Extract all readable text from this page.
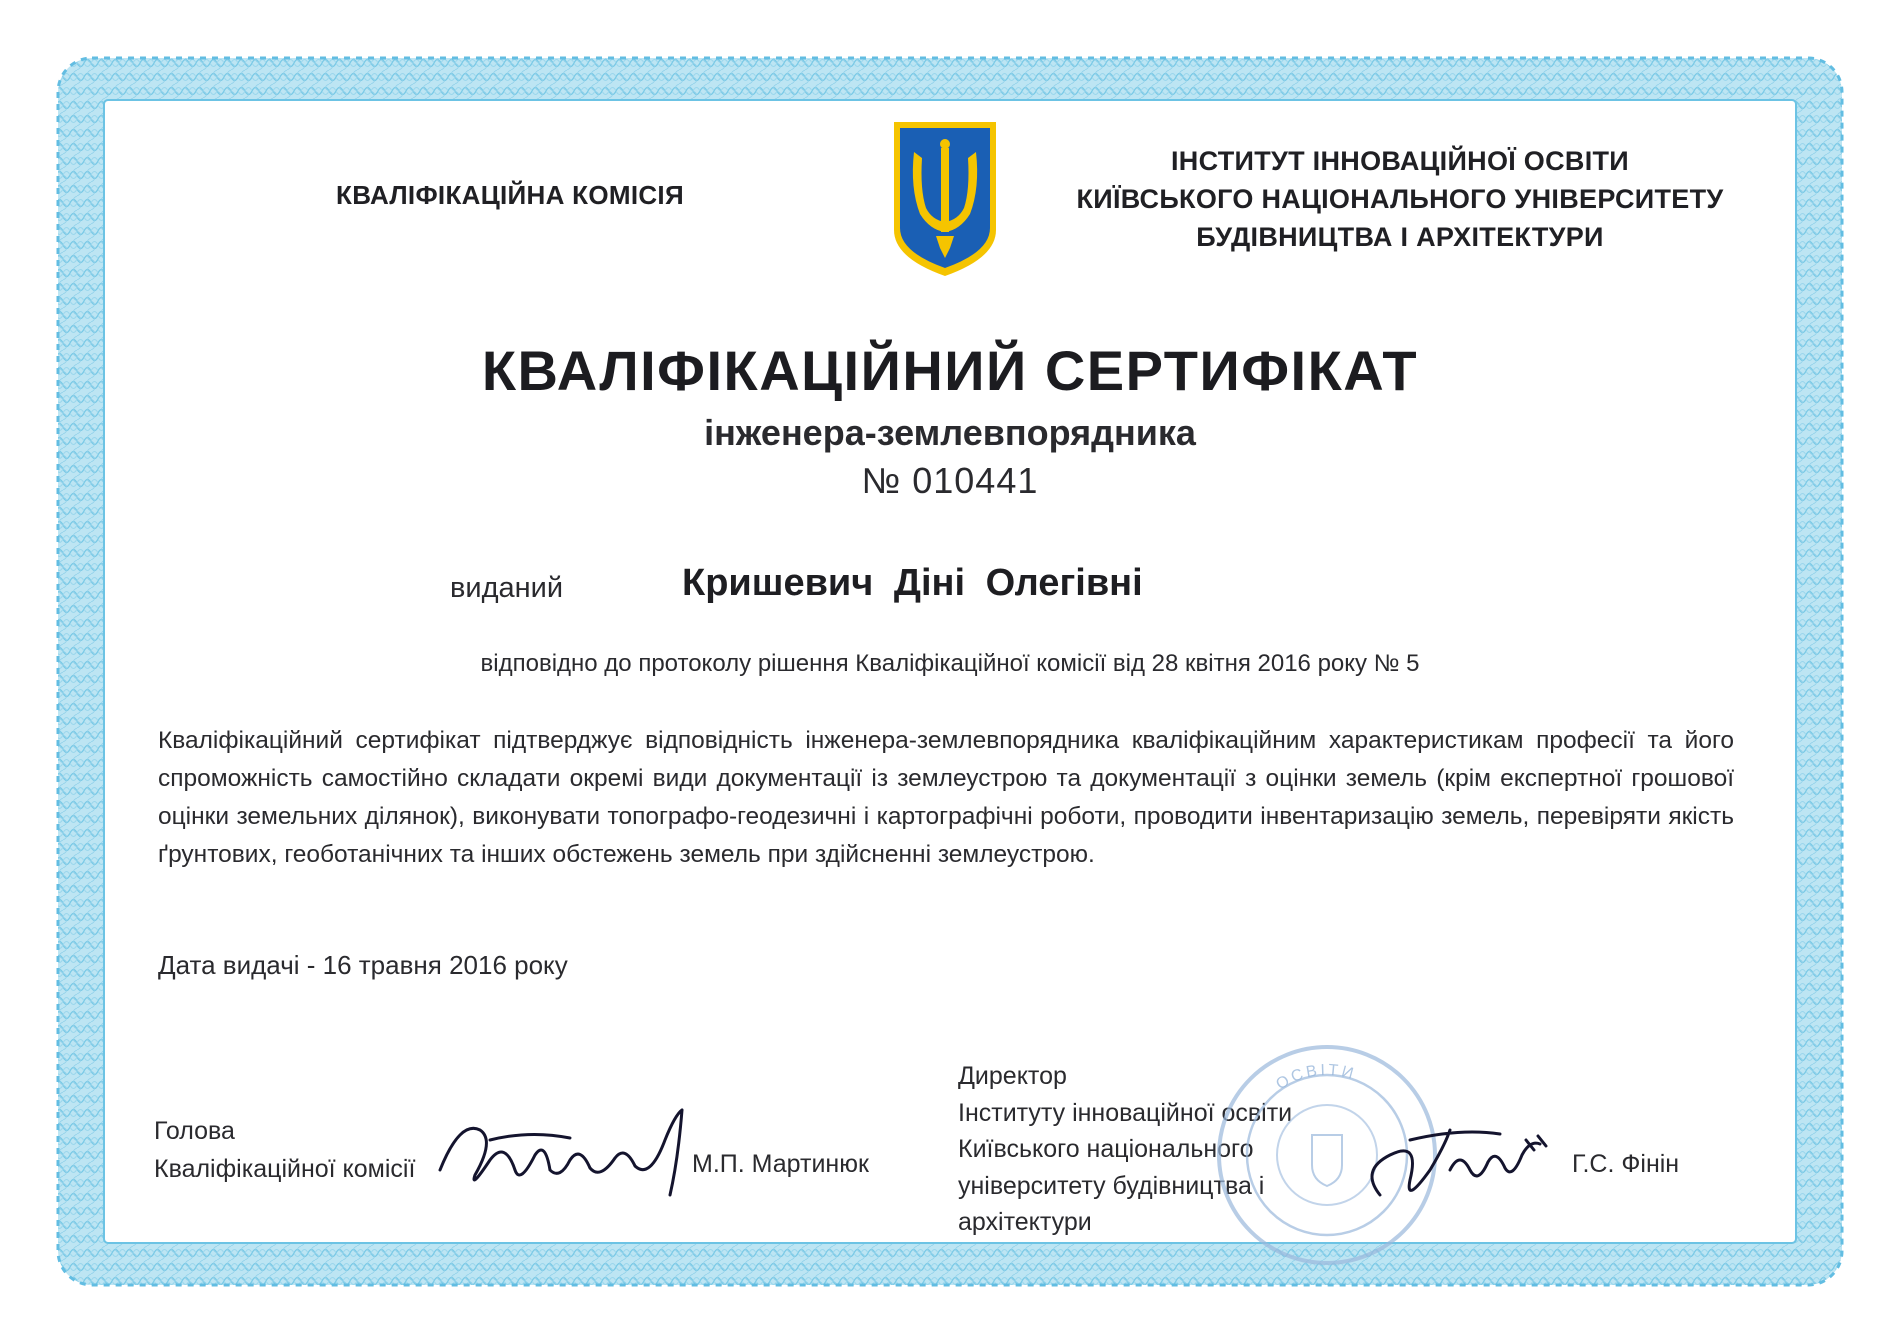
КВАЛІФІКАЦІЙНА КОМІСІЯ
ІНСТИТУТ ІННОВАЦІЙНОЇ ОСВІТИ
КИЇВСЬКОГО НАЦІОНАЛЬНОГО УНІВЕРСИТЕТУ
БУДІВНИЦТВА І АРХІТЕКТУРИ
КВАЛІФІКАЦІЙНИЙ СЕРТИФІКАТ
інженера-землевпорядника
№ 010441
виданий	Кришевич Діні Олегівні
відповідно до протоколу рішення Кваліфікаційної комісії від 28 квітня 2016 року № 5
Кваліфікаційний сертифікат підтверджує відповідність інженера-землевпорядника кваліфікаційним характеристикам професії та його спроможність самостійно складати окремі види документації із землеустрою та документації з оцінки земель (крім експертної грошової оцінки земельних ділянок), виконувати топографо-геодезичні і картографічні роботи, проводити інвентаризацію земель, перевіряти якість ґрунтових, геоботанічних та інших обстежень земель при здійсненні землеустрою.
Дата видачі - 16 травня 2016 року
Голова
Кваліфікаційної комісії	М.П. Мартинюк
Директор
Інституту інноваційної освіти
Київського національного
університету будівництва і
архітектури
ОСВІТИ
Г.С. Фінін
